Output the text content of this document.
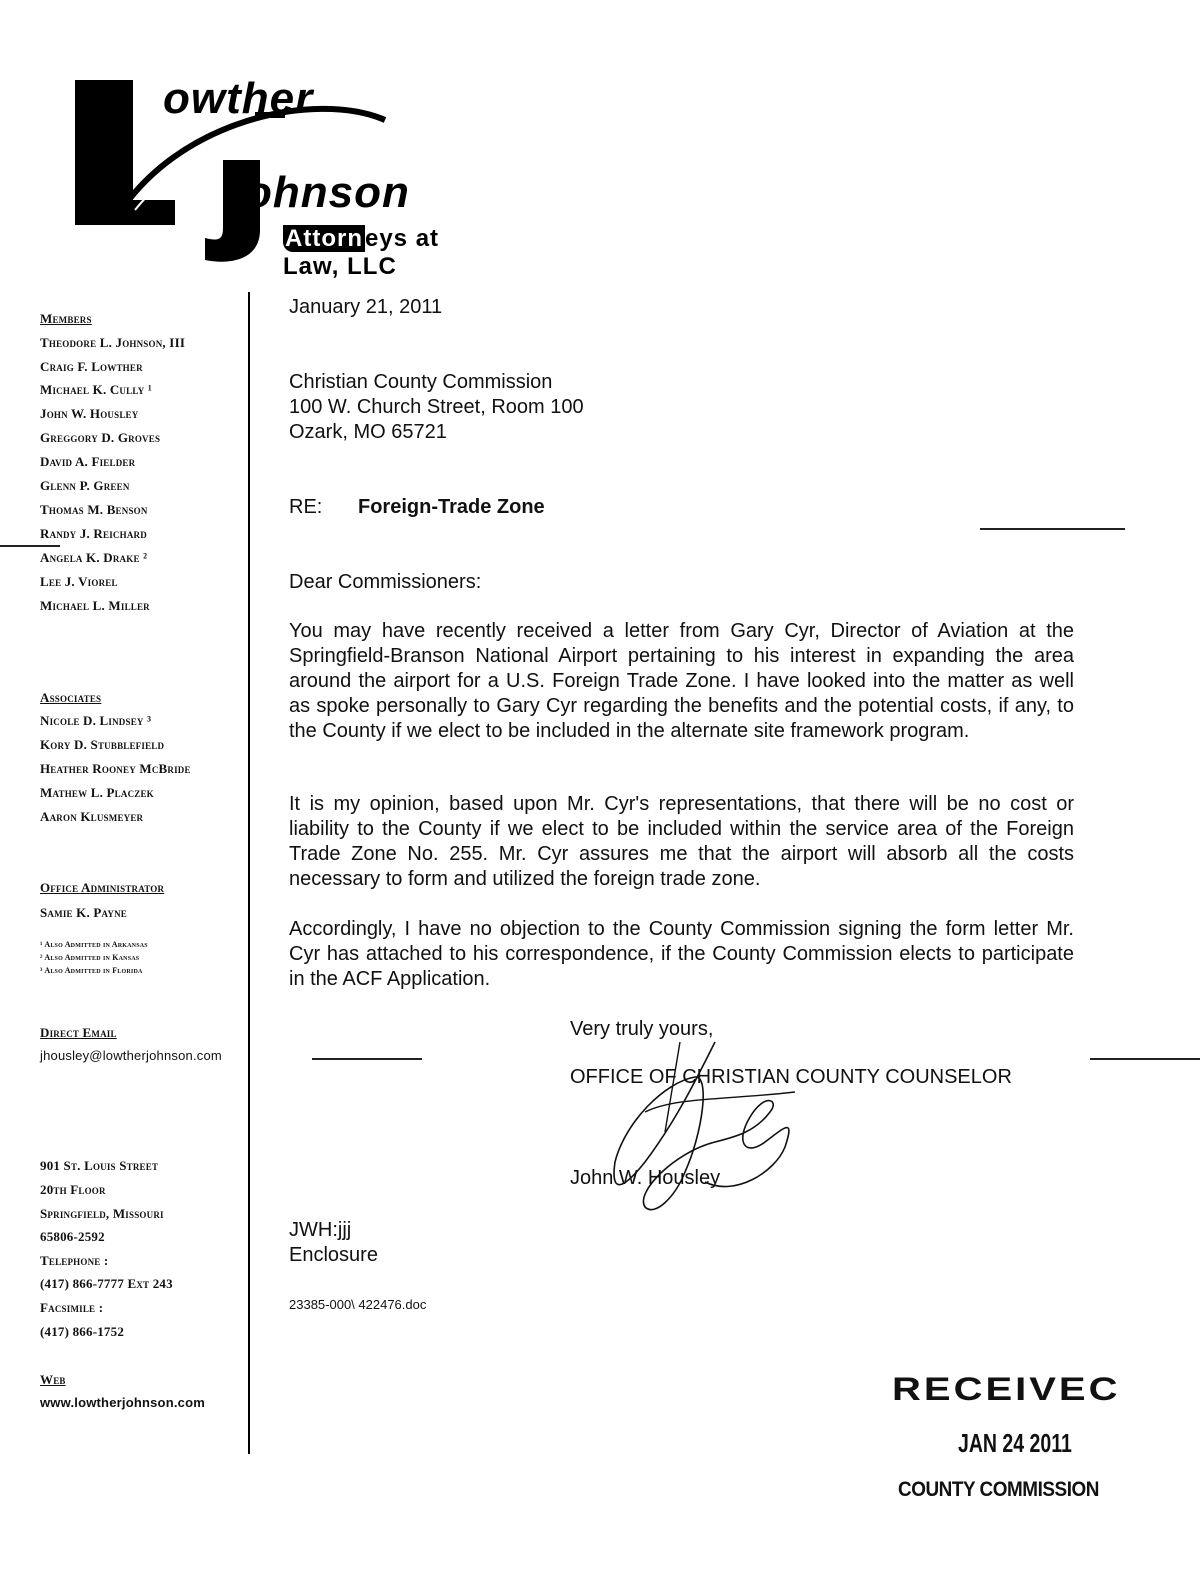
owther
ohnson
Attorneys at Law, LLC
Members
Theodore L. Johnson, III
Craig F. Lowther
Michael K. Cully ¹
John W. Housley
Greggory D. Groves
David A. Fielder
Glenn P. Green
Thomas M. Benson
Randy J. Reichard
Angela K. Drake ²
Lee J. Viorel
Michael L. Miller
Associates
Nicole D. Lindsey ³
Kory D. Stubblefield
Heather Rooney McBride
Mathew L. Placzek
Aaron Klusmeyer
Office Administrator
Samie K. Payne
¹ Also Admitted in Arkansas
² Also Admitted in Kansas
³ Also Admitted in Florida
Direct Email
jhousley@lowtherjohnson.com
901 St. Louis Street
20th Floor
Springfield, Missouri
65806-2592
Telephone :
(417) 866-7777 Ext 243
Facsimile :
(417) 866-1752
Web
www.lowtherjohnson.com
January 21, 2011
Christian County Commission
100 W. Church Street, Room 100
Ozark, MO 65721
RE: Foreign-Trade Zone
Dear Commissioners:
You may have recently received a letter from Gary Cyr, Director of Aviation at the Springfield-Branson National Airport pertaining to his interest in expanding the area around the airport for a U.S. Foreign Trade Zone. I have looked into the matter as well as spoke personally to Gary Cyr regarding the benefits and the potential costs, if any, to the County if we elect to be included in the alternate site framework program.
It is my opinion, based upon Mr. Cyr's representations, that there will be no cost or liability to the County if we elect to be included within the service area of the Foreign Trade Zone No. 255. Mr. Cyr assures me that the airport will absorb all the costs necessary to form and utilized the foreign trade zone.
Accordingly, I have no objection to the County Commission signing the form letter Mr. Cyr has attached to his correspondence, if the County Commission elects to participate in the ACF Application.
Very truly yours,
OFFICE OF CHRISTIAN COUNTY COUNSELOR
John W. Housley
JWH:jjj
Enclosure
23385-000\ 422476.doc
RECEIVEC
JAN 24 2011
COUNTY COMMISSION
